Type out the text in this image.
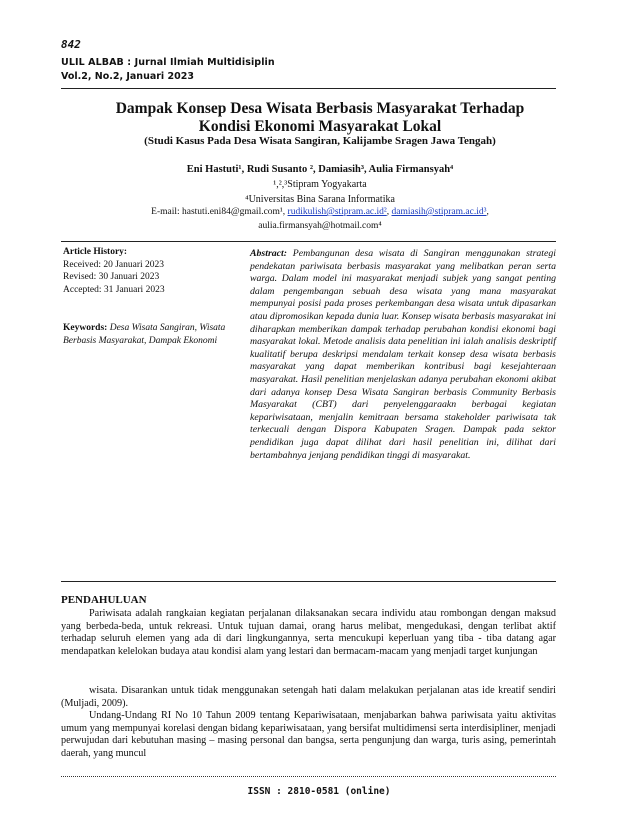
842
ULIL ALBAB : Jurnal Ilmiah Multidisiplin
Vol.2, No.2, Januari 2023
Dampak Konsep Desa Wisata Berbasis Masyarakat Terhadap
Kondisi Ekonomi Masyarakat Lokal
(Studi Kasus Pada Desa Wisata Sangiran, Kalijambe Sragen Jawa Tengah)
Eni Hastuti¹, Rudi Susanto ², Damiasih³, Aulia Firmansyah⁴
¹,²,³Stipram Yogyakarta
⁴Universitas Bina Sarana Informatika
E-mail: hastuti.eni84@gmail.com¹, rudikulish@stipram.ac.id², damiasih@stipram.ac.id³,
aulia.firmansyah@hotmail.com⁴
Article History:
Received: 20 Januari 2023
Revised: 30 Januari 2023
Accepted: 31 Januari 2023
Keywords: Desa Wisata Sangiran, Wisata Berbasis Masyarakat, Dampak Ekonomi
Abstract: Pembangunan desa wisata di Sangiran menggunakan strategi pendekatan pariwisata berbasis masyarakat yang melibatkan peran serta warga. Dalam model ini masyarakat menjadi subjek yang sangat penting dalam pengembangan sebuah desa wisata yang mana masyarakat mempunyai posisi pada proses perkembangan desa wisata untuk dipasarkan atau dipromosikan kepada dunia luar. Konsep wisata berbasis masyarakat ini diharapkan memberikan dampak terhadap perubahan kondisi ekonomi bagi masyarakat lokal. Metode analisis data penelitian ini ialah analisis deskriptif kualitatif berupa deskripsi mendalam terkait konsep desa wisata berbasis masyarakat yang dapat memberikan kontribusi bagi kesejahteraan masyarakat. Hasil penelitian menjelaskan adanya perubahan ekonomi akibat dari adanya konsep Desa Wisata Sangiran berbasis Community Berbasis Masyarakat (CBT) dari penyelenggaraakn berbagai kegiatan kepariwisataan, menjalin kemitraan bersama stakeholder pariwisata tak terkecuali dengan Dispora Kabupaten Sragen. Dampak pada sektor pendidikan juga dapat dilihat dari hasil penelitian ini, dilihat dari bertambahnya jenjang pendidikan tinggi di masyarakat.
PENDAHULUAN
Pariwisata adalah rangkaian kegiatan perjalanan dilaksanakan secara individu atau rombongan dengan maksud yang berbeda-beda, untuk rekreasi. Untuk tujuan damai, orang harus melibat, mengedukasi, dengan terlibat aktif terhadap seluruh elemen yang ada di dari lingkungannya, serta mencukupi keperluan yang tiba - tiba datang agar mendapatkan kelelokan budaya atau kondisi alam yang lestari dan bermacam-macam yang menjadi target kunjungan
wisata. Disarankan untuk tidak menggunakan setengah hati dalam melakukan perjalanan atas ide kreatif sendiri (Muljadi, 2009).
Undang-Undang RI No 10 Tahun 2009 tentang Kepariwisataan, menjabarkan bahwa pariwisata yaitu aktivitas umum yang mempunyai korelasi dengan bidang kepariwisataan, yang bersifat multidimensi serta interdisipliner, menjadi perwujudan dari kebutuhan masing – masing personal dan bangsa, serta pengunjung dan warga, turis asing, pemerintah daerah, yang muncul
ISSN : 2810-0581 (online)
